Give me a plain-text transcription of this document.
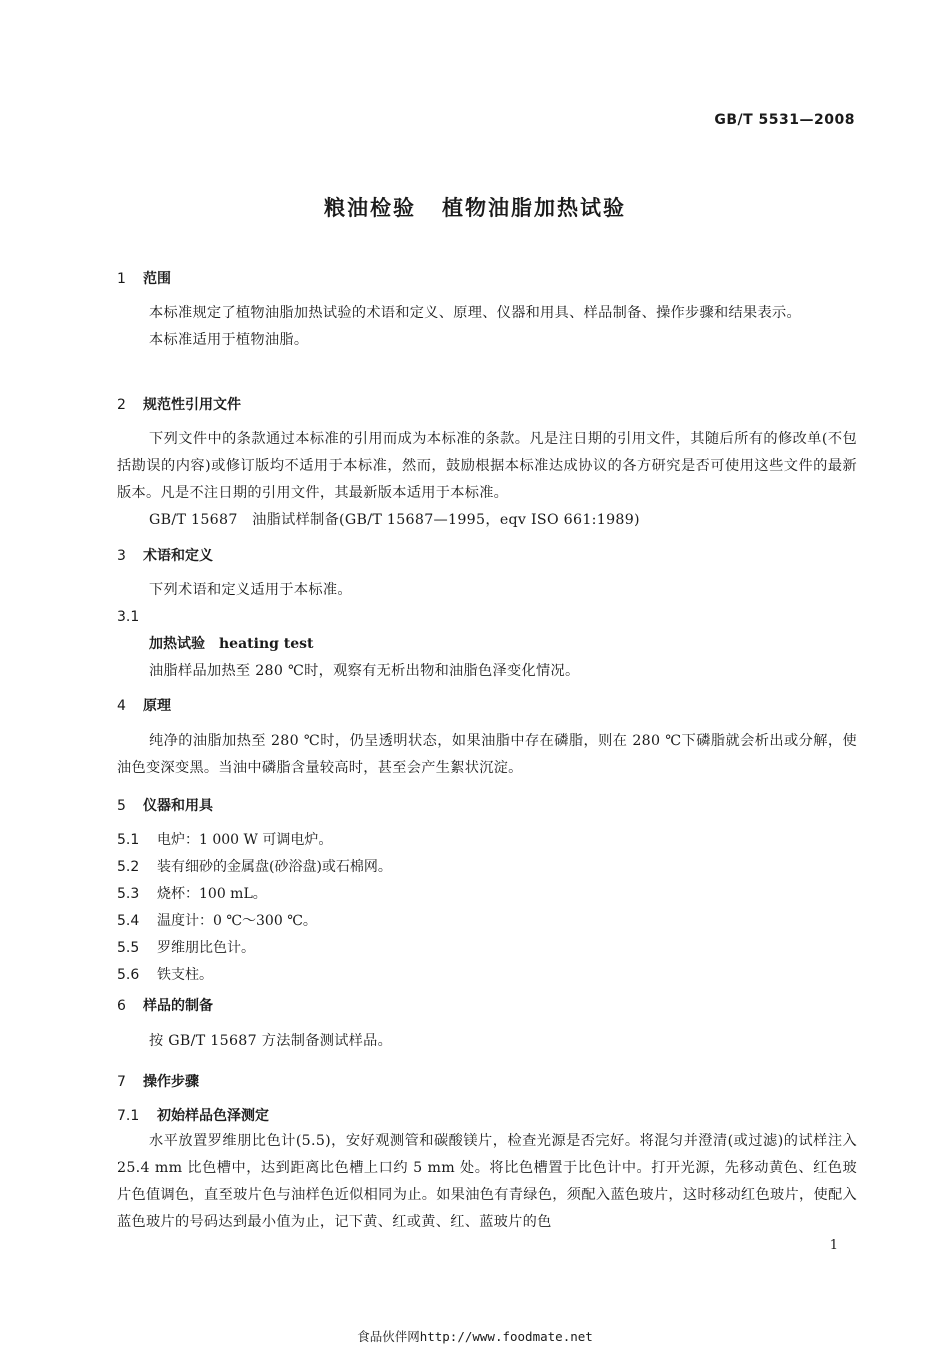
GB/T 5531—2008
粮油检验 植物油脂加热试验
1 范围

本标准规定了植物油脂加热试验的术语和定义、原理、仪器和用具、样品制备、操作步骤和结果表示。

本标准适用于植物油脂。

2 规范性引用文件

下列文件中的条款通过本标准的引用而成为本标准的条款。凡是注日期的引用文件，其随后所有的修改单(不包括勘误的内容)或修订版均不适用于本标准，然而，鼓励根据本标准达成协议的各方研究是否可使用这些文件的最新版本。凡是不注日期的引用文件，其最新版本适用于本标准。

GB/T 15687　油脂试样制备(GB/T 15687—1995，eqv ISO 661:1989)

3 术语和定义

下列术语和定义适用于本标准。

3.1
加热试验 heating test

油脂样品加热至 280 ℃时，观察有无析出物和油脂色泽变化情况。

4 原理

纯净的油脂加热至 280 ℃时，仍呈透明状态，如果油脂中存在磷脂，则在 280 ℃下磷脂就会析出或分解，使油色变深变黑。当油中磷脂含量较高时，甚至会产生絮状沉淀。

5 仪器和用具
5.1 电炉：1 000 W 可调电炉。
5.2 装有细砂的金属盘(砂浴盘)或石棉网。
5.3 烧杯：100 mL。
5.4 温度计：0 ℃～300 ℃。
5.5 罗维朋比色计。
5.6 铁支柱。
6 样品的制备

按 GB/T 15687 方法制备测试样品。

7 操作步骤
7.1 初始样品色泽测定

水平放置罗维朋比色计(5.5)，安好观测管和碳酸镁片，检查光源是否完好。将混匀并澄清(或过滤)的试样注入 25.4 mm 比色槽中，达到距离比色槽上口约 5 mm 处。将比色槽置于比色计中。打开光源，先移动黄色、红色玻片色值调色，直至玻片色与油样色近似相同为止。如果油色有青绿色，须配入蓝色玻片，这时移动红色玻片，使配入蓝色玻片的号码达到最小值为止，记下黄、红或黄、红、蓝玻片的色

1
食品伙伴网http://www.foodmate.net
